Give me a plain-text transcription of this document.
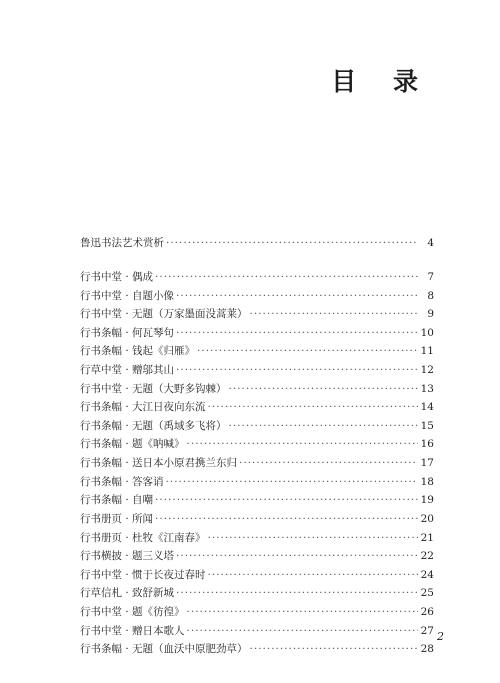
目 录
鲁迅书法艺术赏析 ·····	4
行书中堂 · 偶成 ·····	7
行书中堂 · 自题小像 ·····	8
行书中堂 · 无题（万家墨面没蒿莱） ·····	9
行书条幅 · 何瓦琴句 ·····	10
行书条幅 · 钱起《归雁》 ·····	11
行草中堂 · 赠邬其山 ·····	12
行书中堂 · 无题（大野多钩棘） ·····	13
行书条幅 · 大江日夜向东流 ·····	14
行书条幅 · 无题（禹域多飞将） ·····	15
行书条幅 · 题《呐喊》 ·····	16
行书条幅 · 送日本小原君携兰东归 ·····	17
行书条幅 · 答客诮 ·····	18
行书条幅 · 自嘲 ·····	19
行书册页 · 所闻 ·····	20
行书册页 · 杜牧《江南春》 ·····	21
行书横披 · 题三义塔 ·····	22
行书中堂 · 惯于长夜过春时 ·····	24
行草信札 · 致舒新城 ·····	25
行书中堂 · 题《彷徨》 ·····	26
行书中堂 · 赠日本歌人 ·····	27
行书条幅 · 无题（血沃中原肥劲草） ·····	28
2
